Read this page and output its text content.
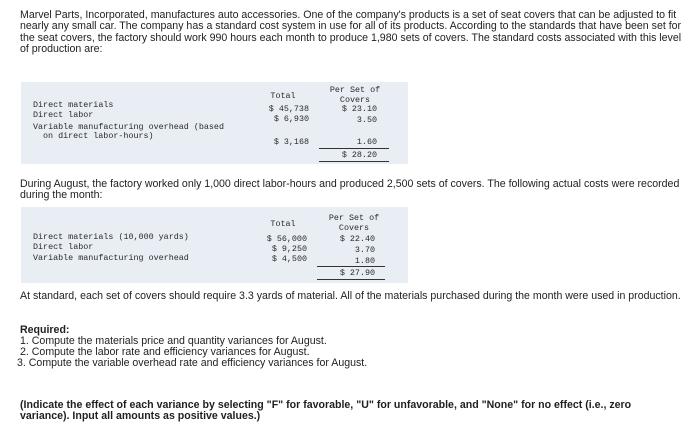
Marvel Parts, Incorporated, manufactures auto accessories. One of the company's products is a set of seat covers that can be adjusted to fit nearly any small car. The company has a standard cost system in use for all of its products. According to the standards that have been set for the seat covers, the factory should work 990 hours each month to produce 1,980 sets of covers. The standard costs associated with this level of production are:

Total
Per Set of
Covers
Direct materials	$ 45,738	$ 23.10
Direct labor	$ 6,930	3.50
Variable manufacturing overhead (based
on direct labor-hours)
$ 3,168	1.60
$ 28.20

During August, the factory worked only 1,000 direct labor-hours and produced 2,500 sets of covers. The following actual costs were recorded during the month:

Total
Per Set of
Covers
Direct materials (10,000 yards)	$ 56,000	$ 22.40
Direct labor	$ 9,250	3.70
Variable manufacturing overhead	$ 4,500	1.80
$ 27.90

At standard, each set of covers should require 3.3 yards of material. All of the materials purchased during the month were used in production.

Required:
1. Compute the materials price and quantity variances for August.
2. Compute the labor rate and efficiency variances for August.
3. Compute the variable overhead rate and efficiency variances for August.

(Indicate the effect of each variance by selecting "F" for favorable, "U" for unfavorable, and "None" for no effect (i.e., zero variance). Input all amounts as positive values.)
